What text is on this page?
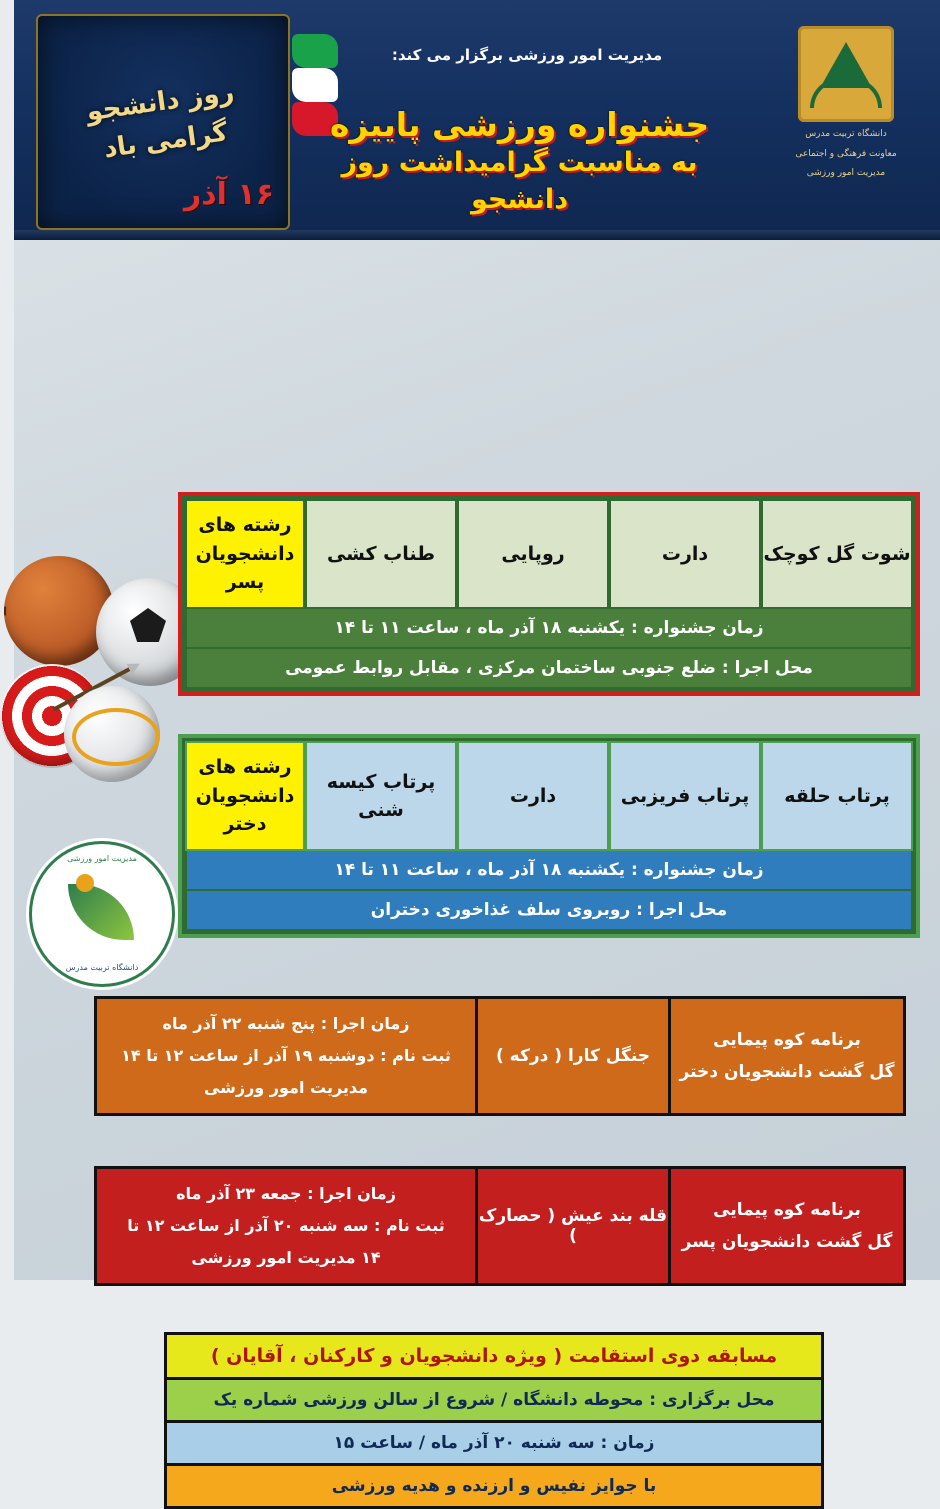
روز دانشجو گرامی باد
۱۶ آذر
مدیریت امور ورزشی برگزار می کند:
جشنواره ورزشی پاییزه
به مناسبت گرامیداشت روز دانشجو
دانشگاه تربیت مدرس
معاونت فرهنگی و اجتماعی
مدیریت امور ورزشی
مدیریت امور ورزشی
دانشگاه تربیت مدرس
شوت گل کوچک
دارت
روپایی
طناب کشی
رشته های دانشجویان پسر
زمان جشنواره : یکشنبه ۱۸ آذر ماه ، ساعت ۱۱ تا ۱۴
محل اجرا : ضلع جنوبی ساختمان مرکزی ، مقابل روابط عمومی
پرتاب حلقه
پرتاب فریزبی
دارت
پرتاب کیسه شنی
رشته های دانشجویان دختر
زمان جشنواره : یکشنبه ۱۸ آذر ماه ، ساعت ۱۱ تا ۱۴
محل اجرا : روبروی سلف غذاخوری دختران
برنامه کوه پیمایی
گل گشت دانشجویان دختر
جنگل کارا ( درکه )
زمان اجرا : پنج شنبه ۲۲ آذر ماه
ثبت نام : دوشنبه ۱۹ آذر از ساعت ۱۲ تا ۱۴
مدیریت امور ورزشی
برنامه کوه پیمایی
گل گشت دانشجویان پسر
قله بند عیش ( حصارک )
زمان اجرا : جمعه ۲۳ آذر ماه
ثبت نام : سه شنبه ۲۰ آذر از ساعت ۱۲ تا
۱۴ مدیریت امور ورزشی
مسابقه دوی استقامت ( ویژه دانشجویان و کارکنان ، آقایان )
محل برگزاری : محوطه دانشگاه / شروع از سالن ورزشی شماره یک
زمان : سه شنبه ۲۰ آذر ماه / ساعت ۱۵
با جوایز نفیس و ارزنده و هدیه ورزشی
